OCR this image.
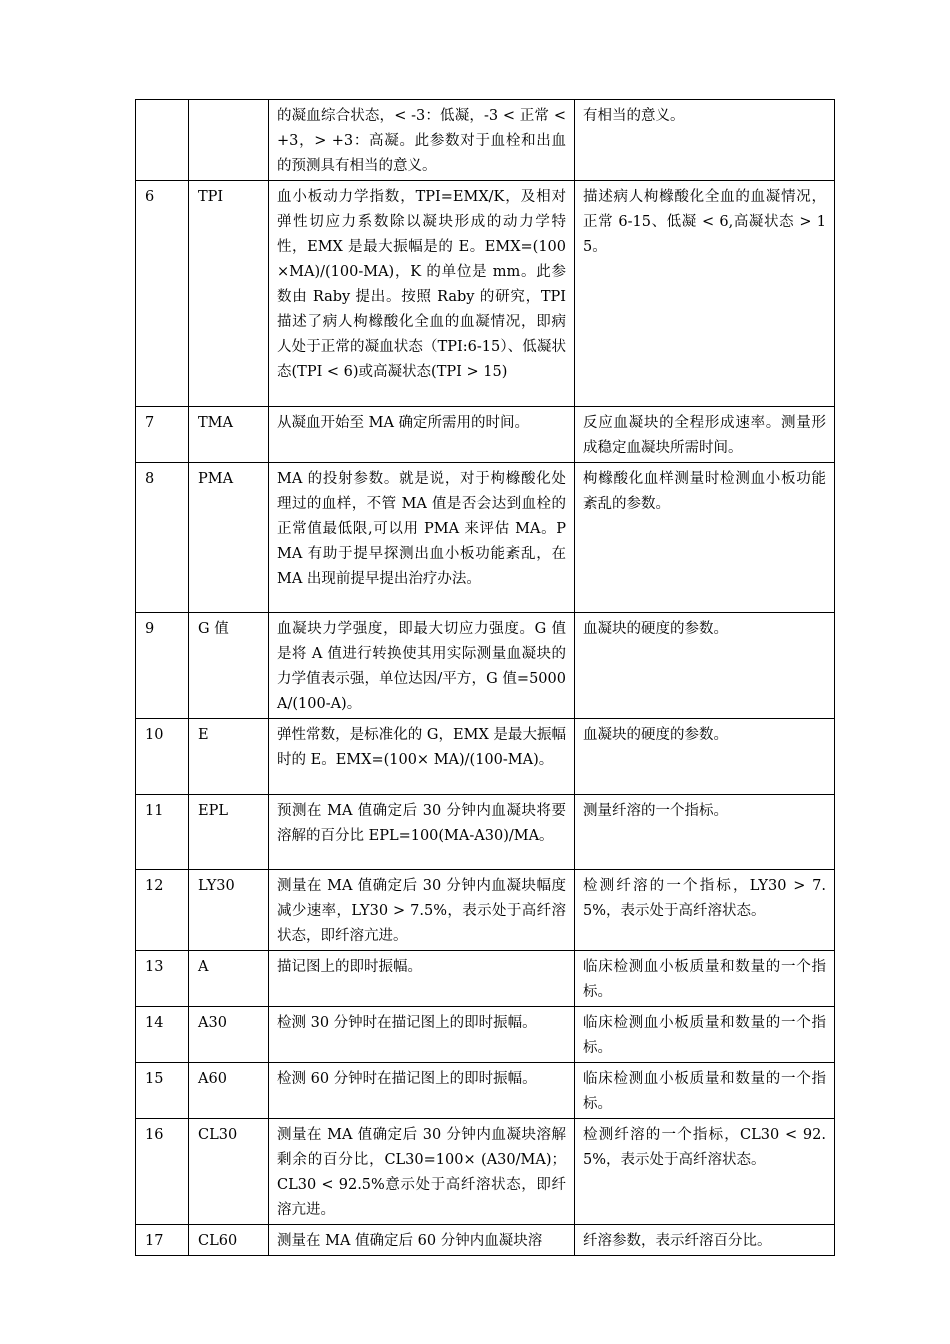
		的凝血综合状态，< -3：低凝，-3 < 正常 < +3，> +3：高凝。此参数对于血栓和出血的预测具有相当的意义。	有相当的意义。
6	TPI	血小板动力学指数，TPI=EMX/K，及相对弹性切应力系数除以凝块形成的动力学特性，EMX 是最大振幅是的 E。EMX=(100×MA)/(100-MA)，K 的单位是 mm。此参数由 Raby 提出。按照 Raby 的研究，TPI 描述了病人枸橼酸化全血的血凝情况，即病人处于正常的凝血状态（TPI:6-15）、低凝状态(TPI < 6)或高凝状态(TPI > 15)	描述病人枸橼酸化全血的血凝情况，正常 6-15、低凝 < 6,高凝状态 > 15。
7	TMA	从凝血开始至 MA 确定所需用的时间。	反应血凝块的全程形成速率。测量形成稳定血凝块所需时间。
8	PMA	MA 的投射参数。就是说，对于枸橼酸化处理过的血样，不管 MA 值是否会达到血栓的正常值最低限,可以用 PMA 来评估 MA。PMA 有助于提早探测出血小板功能紊乱，在 MA 出现前提早提出治疗办法。	枸橼酸化血样测量时检测血小板功能紊乱的参数。
9	G 值	血凝块力学强度，即最大切应力强度。G 值是将 A 值进行转换使其用实际测量血凝块的力学值表示强，单位达因/平方，G 值=5000A/(100-A)。	血凝块的硬度的参数。
10	E	弹性常数，是标准化的 G，EMX 是最大振幅时的 E。EMX=(100× MA)/(100-MA)。	血凝块的硬度的参数。
11	EPL	预测在 MA 值确定后 30 分钟内血凝块将要溶解的百分比 EPL=100(MA-A30)/MA。	测量纤溶的一个指标。
12	LY30	测量在 MA 值确定后 30 分钟内血凝块幅度减少速率，LY30 > 7.5%，表示处于高纤溶状态，即纤溶亢进。	检测纤溶的一个指标，LY30 > 7.5%，表示处于高纤溶状态。
13	A	描记图上的即时振幅。	临床检测血小板质量和数量的一个指标。
14	A30	检测 30 分钟时在描记图上的即时振幅。	临床检测血小板质量和数量的一个指标。
15	A60	检测 60 分钟时在描记图上的即时振幅。	临床检测血小板质量和数量的一个指标。
16	CL30	测量在 MA 值确定后 30 分钟内血凝块溶解剩余的百分比，CL30=100× (A30/MA)；CL30 < 92.5%意示处于高纤溶状态，即纤溶亢进。	检测纤溶的一个指标，CL30 < 92.5%，表示处于高纤溶状态。
17	CL60	测量在 MA 值确定后 60 分钟内血凝块溶	纤溶参数，表示纤溶百分比。
